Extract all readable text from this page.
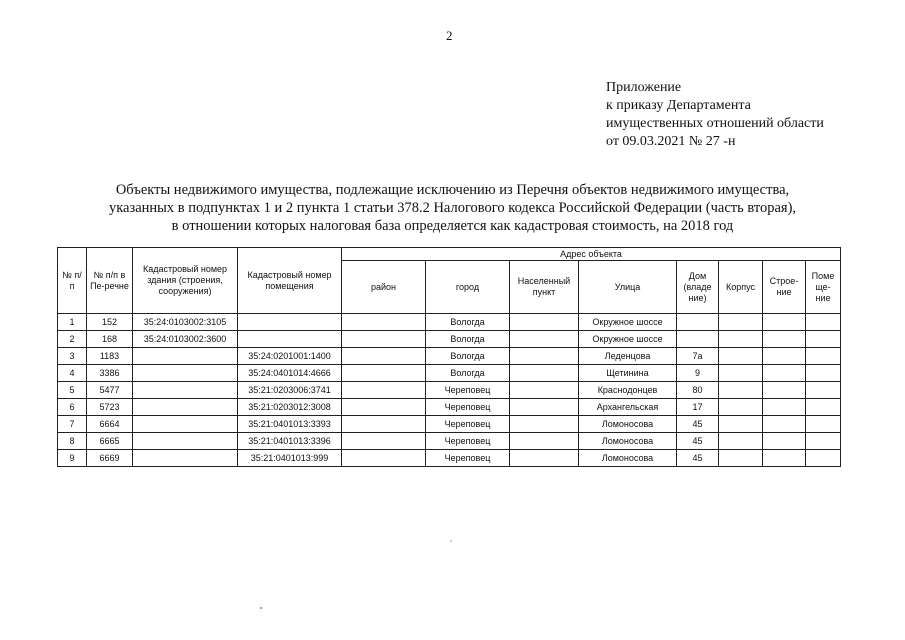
2
Приложение
к приказу Департамента
имущественных отношений области
от 09.03.2021 № 27 -н
Объекты недвижимого имущества, подлежащие исключению из Перечня объектов недвижимого имущества,
указанных в подпунктах 1 и 2 пункта 1 статьи 378.2 Налогового кодекса Российской Федерации (часть вторая),
в отношении которых налоговая база определяется как кадастровая стоимость, на 2018 год
№ п/п	№ п/п в Пе-речне	Кадастровый номер здания (строения, сооружения)	Кадастровый номер помещения	Адрес объекта							
				район	город	Населенный пункт	Улица	Дом (владе ние)	Корпус	Строе-ние	Поме ще-ние
1	152	35:24:0103002:3105			Вологда		Окружное шоссе				
2	168	35:24:0103002:3600			Вологда		Окружное шоссе				
3	1183		35:24:0201001:1400		Вологда		Леденцова	7а			
4	3386		35:24:0401014:4666		Вологда		Щетинина	9			
5	5477		35:21:0203006:3741		Череповец		Краснодонцев	80			
6	5723		35:21:0203012:3008		Череповец		Архангельская	17			
7	6664		35:21:0401013:3393		Череповец		Ломоносова	45			
8	6665		35:21:0401013:3396		Череповец		Ломоносова	45			
9	6669		35:21:0401013:999		Череповец		Ломоносова	45			
